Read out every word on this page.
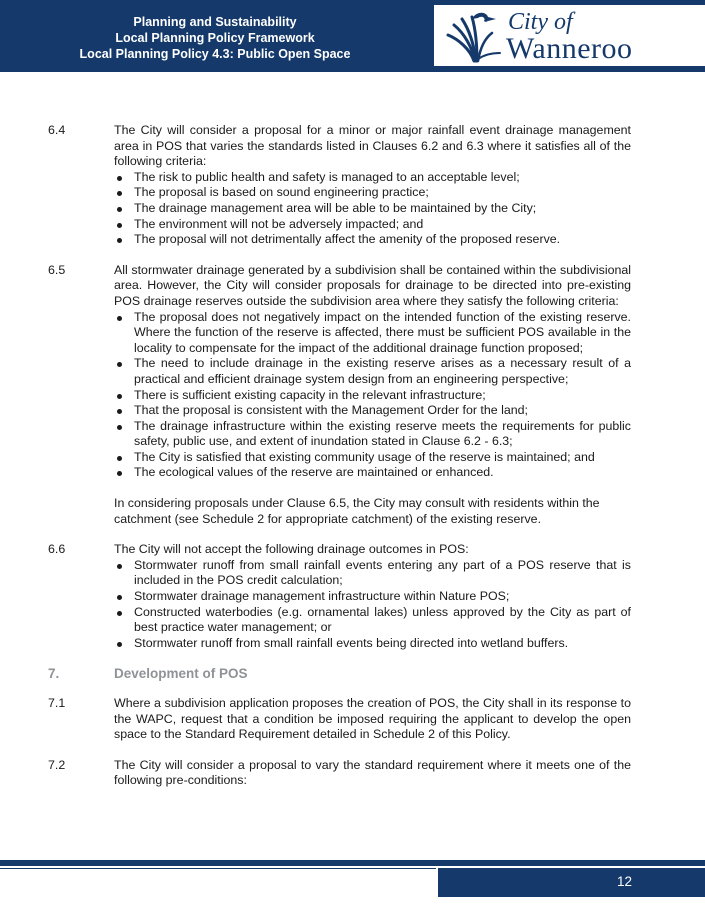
Planning and Sustainability
Local Planning Policy Framework
Local Planning Policy 4.3: Public Open Space
City of
Wanneroo
6.4	The City will consider a proposal for a minor or major rainfall event drainage management area in POS that varies the standards listed in Clauses 6.2 and 6.3 where it satisfies all of the following criteria:

The risk to public health and safety is managed to an acceptable level;
The proposal is based on sound engineering practice;
The drainage management area will be able to be maintained by the City;
The environment will not be adversely impacted; and
The proposal will not detrimentally affect the amenity of the proposed reserve.
6.5	All stormwater drainage generated by a subdivision shall be contained within the subdivisional area. However, the City will consider proposals for drainage to be directed into pre-existing POS drainage reserves outside the subdivision area where they satisfy the following criteria:

The proposal does not negatively impact on the intended function of the existing reserve. Where the function of the reserve is affected, there must be sufficient POS available in the locality to compensate for the impact of the additional drainage function proposed;
The need to include drainage in the existing reserve arises as a necessary result of a practical and efficient drainage system design from an engineering perspective;
There is sufficient existing capacity in the relevant infrastructure;
That the proposal is consistent with the Management Order for the land;
The drainage infrastructure within the existing reserve meets the requirements for public safety, public use, and extent of inundation stated in Clause 6.2 - 6.3;
The City is satisfied that existing community usage of the reserve is maintained; and
The ecological values of the reserve are maintained or enhanced.

In considering proposals under Clause 6.5, the City may consult with residents within the catchment (see Schedule 2 for appropriate catchment) of the existing reserve.

6.6	The City will not accept the following drainage outcomes in POS:

Stormwater runoff from small rainfall events entering any part of a POS reserve that is included in the POS credit calculation;
Stormwater drainage management infrastructure within Nature POS;
Constructed waterbodies (e.g. ornamental lakes) unless approved by the City as part of best practice water management; or
Stormwater runoff from small rainfall events being directed into wetland buffers.
7.	Development of POS
7.1	Where a subdivision application proposes the creation of POS, the City shall in its response to the WAPC, request that a condition be imposed requiring the applicant to develop the open space to the Standard Requirement detailed in Schedule 2 of this Policy.

7.2	The City will consider a proposal to vary the standard requirement where it meets one of the following pre-conditions:

12
